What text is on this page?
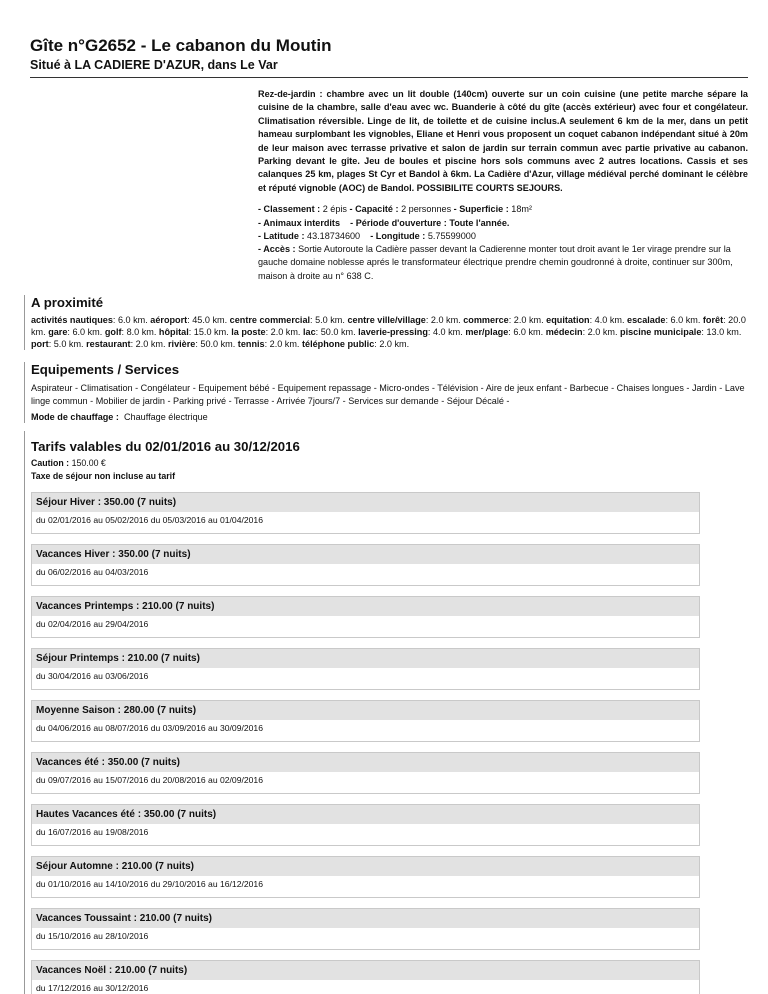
Gîte n°G2652 - Le cabanon du Moutin
Situé à LA CADIERE D'AZUR, dans Le Var

Rez-de-jardin : chambre avec un lit double (140cm) ouverte sur un coin cuisine (une petite marche sépare la cuisine de la chambre, salle d'eau avec wc. Buanderie à côté du gîte (accès extérieur) avec four et congélateur. Climatisation réversible. Linge de lit, de toilette et de cuisine inclus.A seulement 6 km de la mer, dans un petit hameau surplombant les vignobles, Eliane et Henri vous proposent un coquet cabanon indépendant situé à 20m de leur maison avec terrasse privative et salon de jardin sur terrain commun avec partie privative au cabanon. Parking devant le gîte. Jeu de boules et piscine hors sols communs avec 2 autres locations. Cassis et ses calanques 25 km, plages St Cyr et Bandol à 6km. La Cadière d'Azur, village médiéval perché dominant le célèbre et réputé vignoble (AOC) de Bandol. POSSIBILITE COURTS SEJOURS.

- Classement : 2 épis - Capacité : 2 personnes - Superficie : 18m²
- Animaux interdits - Période d'ouverture : Toute l'année.
- Latitude : 43.18734600 - Longitude : 5.75599000
- Accès : Sortie Autoroute la Cadière passer devant la Cadierenne monter tout droit avant le 1er virage prendre sur la gauche domaine noblesse aprés le transformateur électrique prendre chemin goudronné à droite, continuer sur 300m, maison à droite au n° 638 C.
A proximité
activités nautiques: 6.0 km. aéroport: 45.0 km. centre commercial: 5.0 km. centre ville/village: 2.0 km. commerce: 2.0 km. equitation: 4.0 km. escalade: 6.0 km. forêt: 20.0 km. gare: 6.0 km. golf: 8.0 km. hôpital: 15.0 km. la poste: 2.0 km. lac: 50.0 km. laverie-pressing: 4.0 km. mer/plage: 6.0 km. médecin: 2.0 km. piscine municipale: 13.0 km. port: 5.0 km. restaurant: 2.0 km. rivière: 50.0 km. tennis: 2.0 km. téléphone public: 2.0 km.
Equipements / Services
Aspirateur - Climatisation - Congélateur - Equipement bébé - Equipement repassage - Micro-ondes - Télévision - Aire de jeux enfant - Barbecue - Chaises longues - Jardin - Lave linge commun - Mobilier de jardin - Parking privé - Terrasse - Arrivée 7jours/7 - Services sur demande - Séjour Décalé -
Mode de chauffage : Chauffage électrique
Tarifs valables du 02/01/2016 au 30/12/2016
Caution : 150.00 €
Taxe de séjour non incluse au tarif
Séjour Hiver : 350.00 (7 nuits)
du 02/01/2016 au 05/02/2016 du 05/03/2016 au 01/04/2016
Vacances Hiver : 350.00 (7 nuits)
du 06/02/2016 au 04/03/2016
Vacances Printemps : 210.00 (7 nuits)
du 02/04/2016 au 29/04/2016
Séjour Printemps : 210.00 (7 nuits)
du 30/04/2016 au 03/06/2016
Moyenne Saison : 280.00 (7 nuits)
du 04/06/2016 au 08/07/2016 du 03/09/2016 au 30/09/2016
Vacances été : 350.00 (7 nuits)
du 09/07/2016 au 15/07/2016 du 20/08/2016 au 02/09/2016
Hautes Vacances été : 350.00 (7 nuits)
du 16/07/2016 au 19/08/2016
Séjour Automne : 210.00 (7 nuits)
du 01/10/2016 au 14/10/2016 du 29/10/2016 au 16/12/2016
Vacances Toussaint : 210.00 (7 nuits)
du 15/10/2016 au 28/10/2016
Vacances Noël : 210.00 (7 nuits)
du 17/12/2016 au 30/12/2016
